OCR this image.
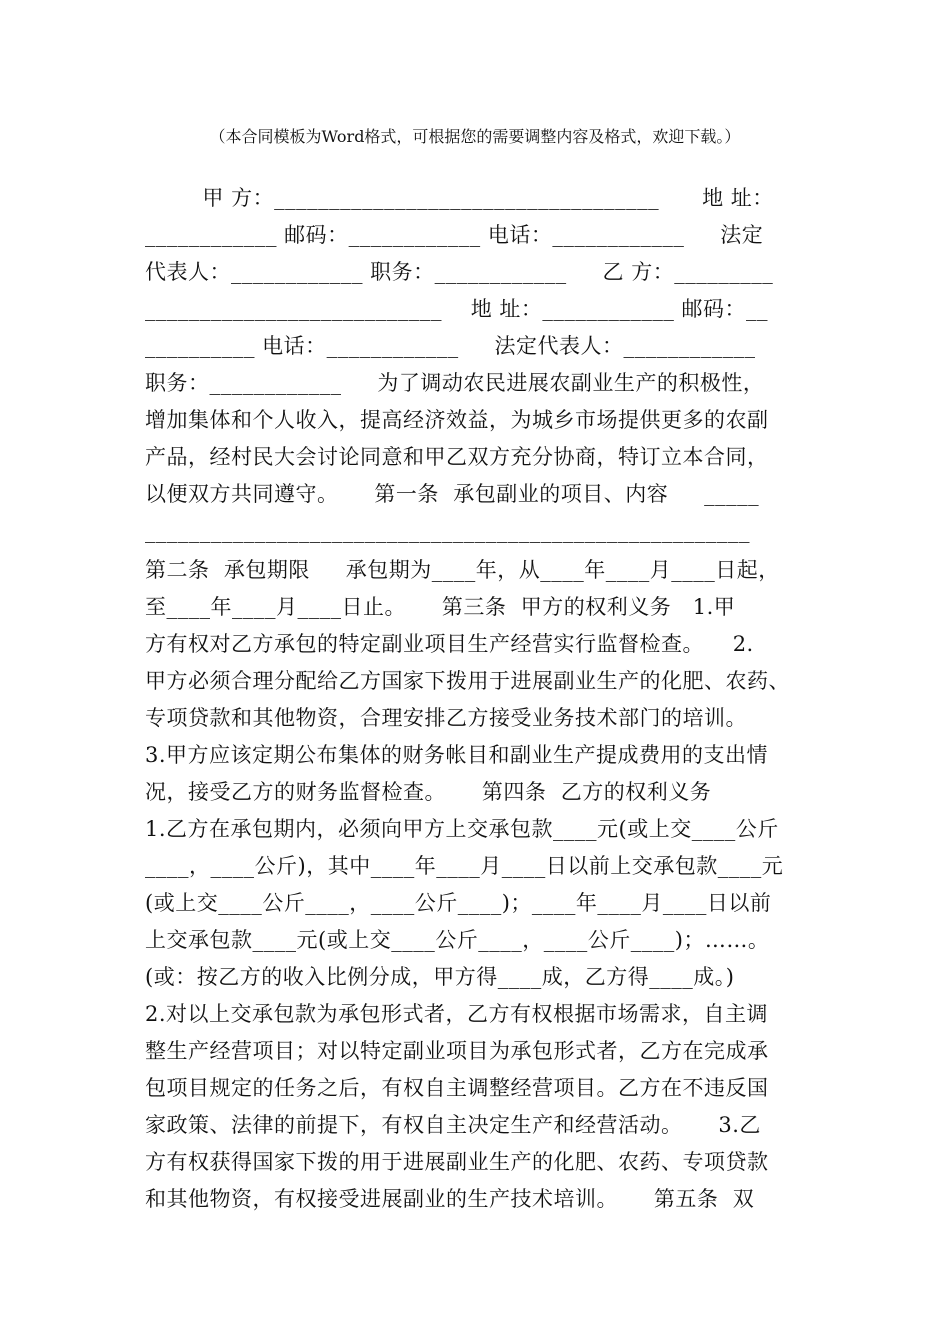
（本合同模板为Word格式，可根据您的需要调整内容及格式，欢迎下载。）
甲 方：___________________________________      地 址：
____________ 邮码：____________ 电话：____________     法定
代表人：____________ 职务：____________     乙 方：_________
___________________________    地 址：____________ 邮码：__
__________ 电话：____________     法定代表人：____________
职务：____________     为了调动农民进展农副业生产的积极性，
增加集体和个人收入，提高经济效益，为城乡市场提供更多的农副
产品，经村民大会讨论同意和甲乙双方充分协商，特订立本合同，
以便双方共同遵守。     第一条  承包副业的项目、内容     _____
_______________________________________________________
第二条  承包期限     承包期为____年，从____年____月____日起，
至____年____月____日止。     第三条  甲方的权利义务   1.甲
方有权对乙方承包的特定副业项目生产经营实行监督检查。    2.
甲方必须合理分配给乙方国家下拨用于进展副业生产的化肥、农药、
专项贷款和其他物资，合理安排乙方接受业务技术部门的培训。
3.甲方应该定期公布集体的财务帐目和副业生产提成费用的支出情
况，接受乙方的财务监督检查。     第四条  乙方的权利义务
1.乙方在承包期内，必须向甲方上交承包款____元(或上交____公斤
____，____公斤)，其中____年____月____日以前上交承包款____元
(或上交____公斤____，____公斤____)；____年____月____日以前
上交承包款____元(或上交____公斤____，____公斤____)；……。
(或：按乙方的收入比例分成，甲方得____成，乙方得____成。)
2.对以上交承包款为承包形式者，乙方有权根据市场需求，自主调
整生产经营项目；对以特定副业项目为承包形式者，乙方在完成承
包项目规定的任务之后，有权自主调整经营项目。乙方在不违反国
家政策、法律的前提下，有权自主决定生产和经营活动。     3.乙
方有权获得国家下拨的用于进展副业生产的化肥、农药、专项贷款
和其他物资，有权接受进展副业的生产技术培训。     第五条  双
